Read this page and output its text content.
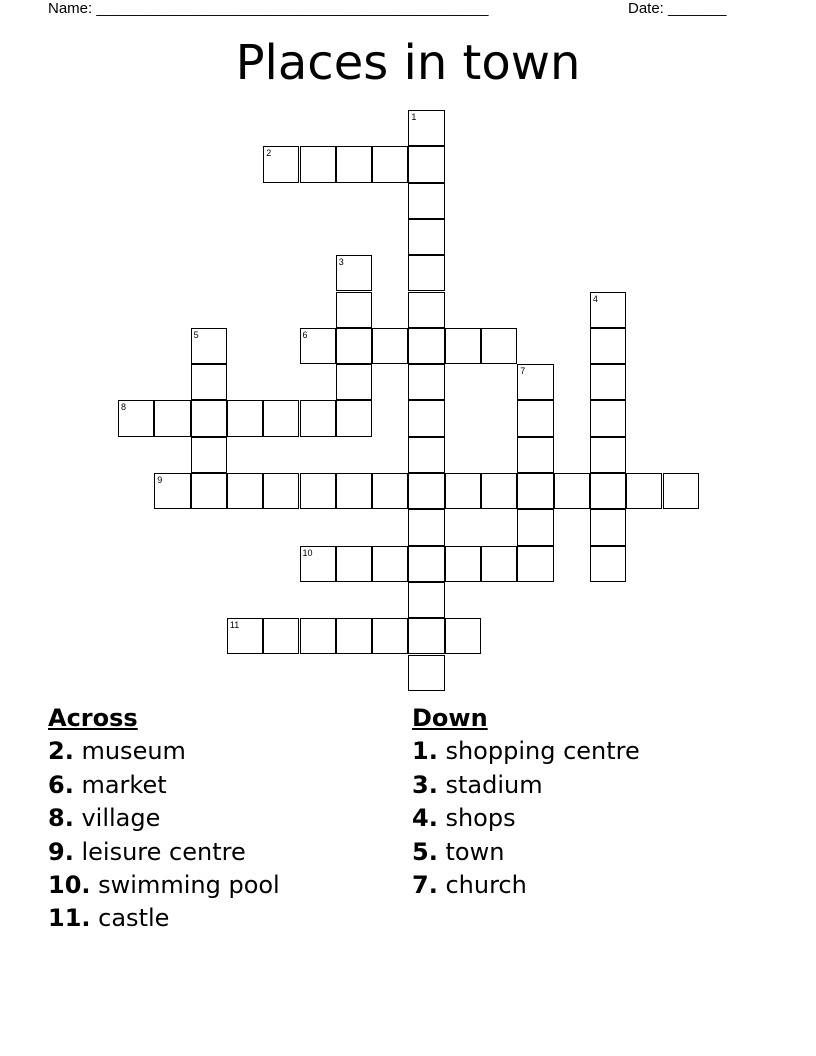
Name: _______________________________________________	Date: _______
Places in town
1
2
3
4
5	6
7
8
9
10
11
Across
2. museum
6. market
8. village
9. leisure centre
10. swimming pool
11. castle
Down
1. shopping centre
3. stadium
4. shops
5. town
7. church
